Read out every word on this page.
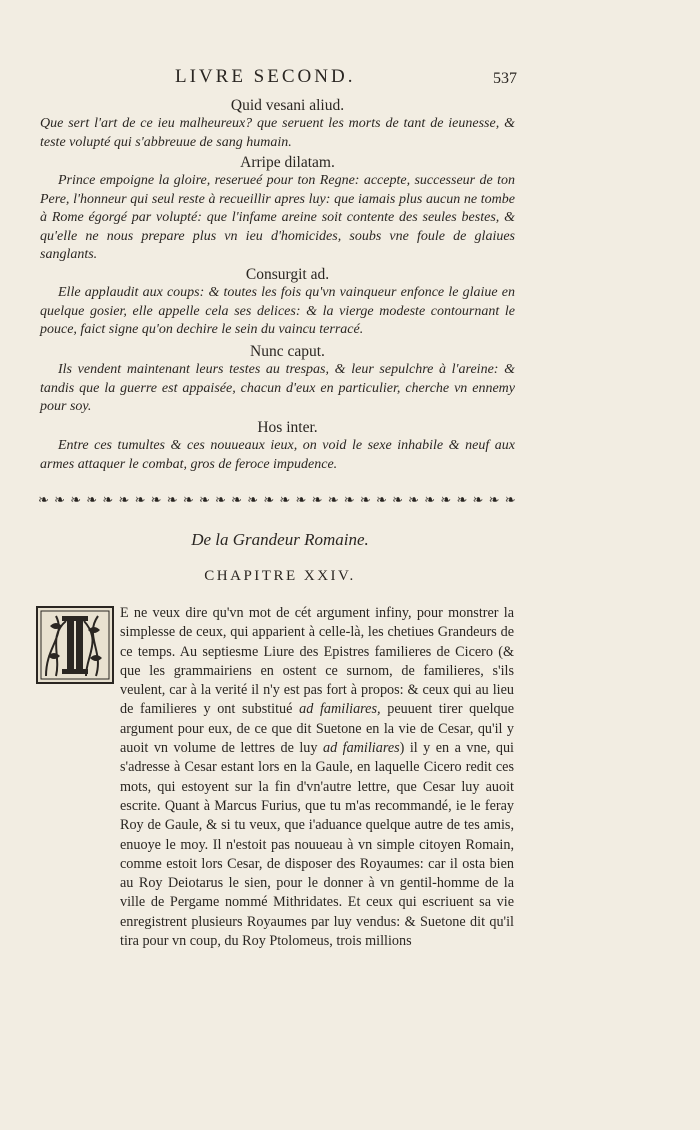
LIVRE SECOND.	537

Quid vesani aliud.

Que sert l'art de ce ieu malheureux? que seruent les morts de tant de ieunesse, & teste volupté qui s'abbreuue de sang humain.

Arripe dilatam.

Prince empoigne la gloire, reserueé pour ton Regne: accepte, successeur de ton Pere, l'honneur qui seul reste à recueillir apres luy: que iamais plus aucun ne tombe à Rome égorgé par volupté: que l'infame areine soit contente des seules bestes, & qu'elle ne nous prepare plus vn ieu d'homicides, soubs vne foule de glaiues sanglants.

Consurgit ad.

Elle applaudit aux coups: & toutes les fois qu'vn vainqueur enfonce le glaiue en quelque gosier, elle appelle cela ses delices: & la vierge modeste contournant le pouce, faict signe qu'on dechire le sein du vaincu terracé.

Nunc caput.

Ils vendent maintenant leurs testes au trespas, & leur sepulchre à l'areine: & tandis que la guerre est appaisée, chacun d'eux en particulier, cherche vn ennemy pour soy.

Hos inter.

Entre ces tumultes & ces nouueaux ieux, on void le sexe inhabile & neuf aux armes attaquer le combat, gros de feroce impudence.

❧ ❧ ❧ ❧ ❧ ❧ ❧ ❧ ❧ ❧ ❧ ❧ ❧ ❧ ❧ ❧ ❧ ❧ ❧ ❧ ❧ ❧ ❧ ❧ ❧ ❧ ❧ ❧ ❧ ❧
De la Grandeur Romaine.
CHAPITRE XXIV.

E ne veux dire qu'vn mot de cét argument infiny, pour monstrer la simplesse de ceux, qui apparient à celle-là, les chetiues Grandeurs de ce temps. Au septiesme Liure des Epistres familieres de Cicero (& que les grammairiens en ostent ce surnom, de familieres, s'ils veulent, car à la verité il n'y est pas fort à propos: & ceux qui au lieu de familieres y ont substitué ad familiares, peuuent tirer quelque argument pour eux, de ce que dit Suetone en la vie de Cesar, qu'il y auoit vn volume de lettres de luy ad familiares) il y en a vne, qui s'adresse à Cesar estant lors en la Gaule, en laquelle Cicero redit ces mots, qui estoyent sur la fin d'vn'autre lettre, que Cesar luy auoit escrite. Quant à Marcus Furius, que tu m'as recommandé, ie le feray Roy de Gaule, & si tu veux, que i'aduance quelque autre de tes amis, enuoye le moy. Il n'estoit pas nouueau à vn simple citoyen Romain, comme estoit lors Cesar, de disposer des Royaumes: car il osta bien au Roy Deiotarus le sien, pour le donner à vn gentil-homme de la ville de Pergame nommé Mithridates. Et ceux qui escriuent sa vie enregistrent plusieurs Royaumes par luy vendus: & Suetone dit qu'il tira pour vn coup, du Roy Ptolomeus, trois millions
